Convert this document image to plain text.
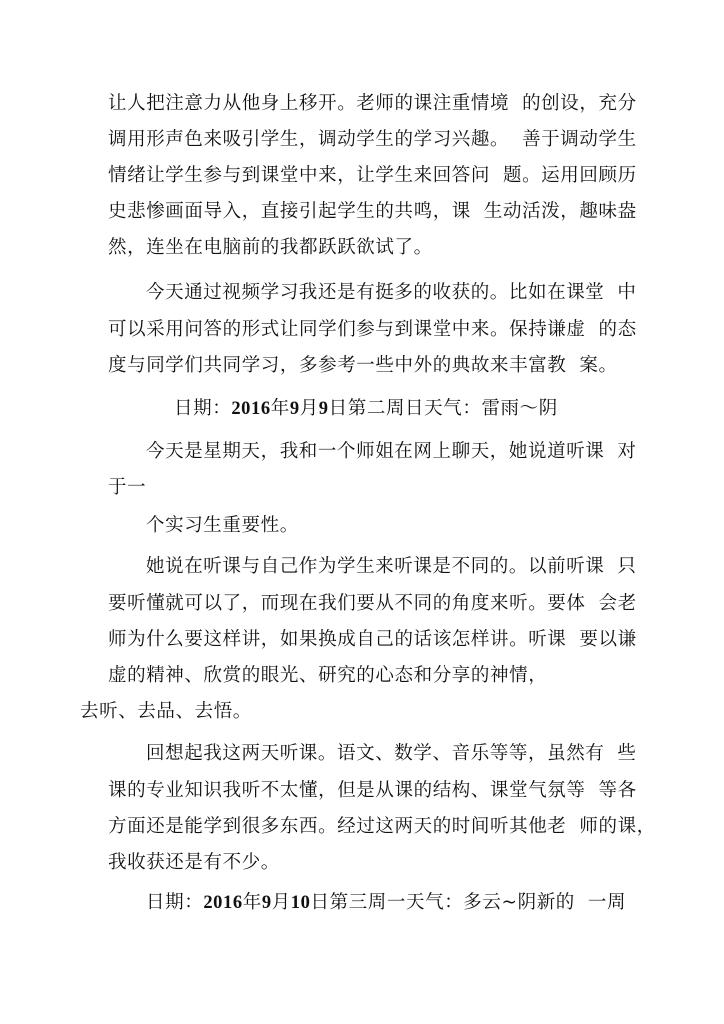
让人把注意力从他身上移开。老师的课注重情境  的创设，充分
调用形声色来吸引学生，调动学生的学习兴趣。  善于调动学生
情绪让学生参与到课堂中来，让学生来回答问  题。运用回顾历
史悲惨画面导入，直接引起学生的共鸣，课  生动活泼，趣味盎
然，连坐在电脑前的我都跃跃欲试了。
今天通过视频学习我还是有挺多的收获的。比如在课堂  中
可以采用问答的形式让同学们参与到课堂中来。保持谦虚  的态
度与同学们共同学习，多参考一些中外的典故来丰富教  案。
日期：2016年9月9日第二周日天气：雷雨～阴
今天是星期天，我和一个师姐在网上聊天，她说道听课  对
于一
个实习生重要性。
她说在听课与自己作为学生来听课是不同的。以前听课  只
要听懂就可以了，而现在我们要从不同的角度来听。要体  会老
师为什么要这样讲，如果换成自己的话该怎样讲。听课  要以谦
虚的精神、欣赏的眼光、研究的心态和分享的神情，
去听、去品、去悟。
回想起我这两天听课。语文、数学、音乐等等，虽然有  些
课的专业知识我听不太懂，但是从课的结构、课堂气氛等  等各
方面还是能学到很多东西。经过这两天的时间听其他老  师的课，
我收获还是有不少。
日期：2016年9月10日第三周一天气：多云~阴新的  一周
